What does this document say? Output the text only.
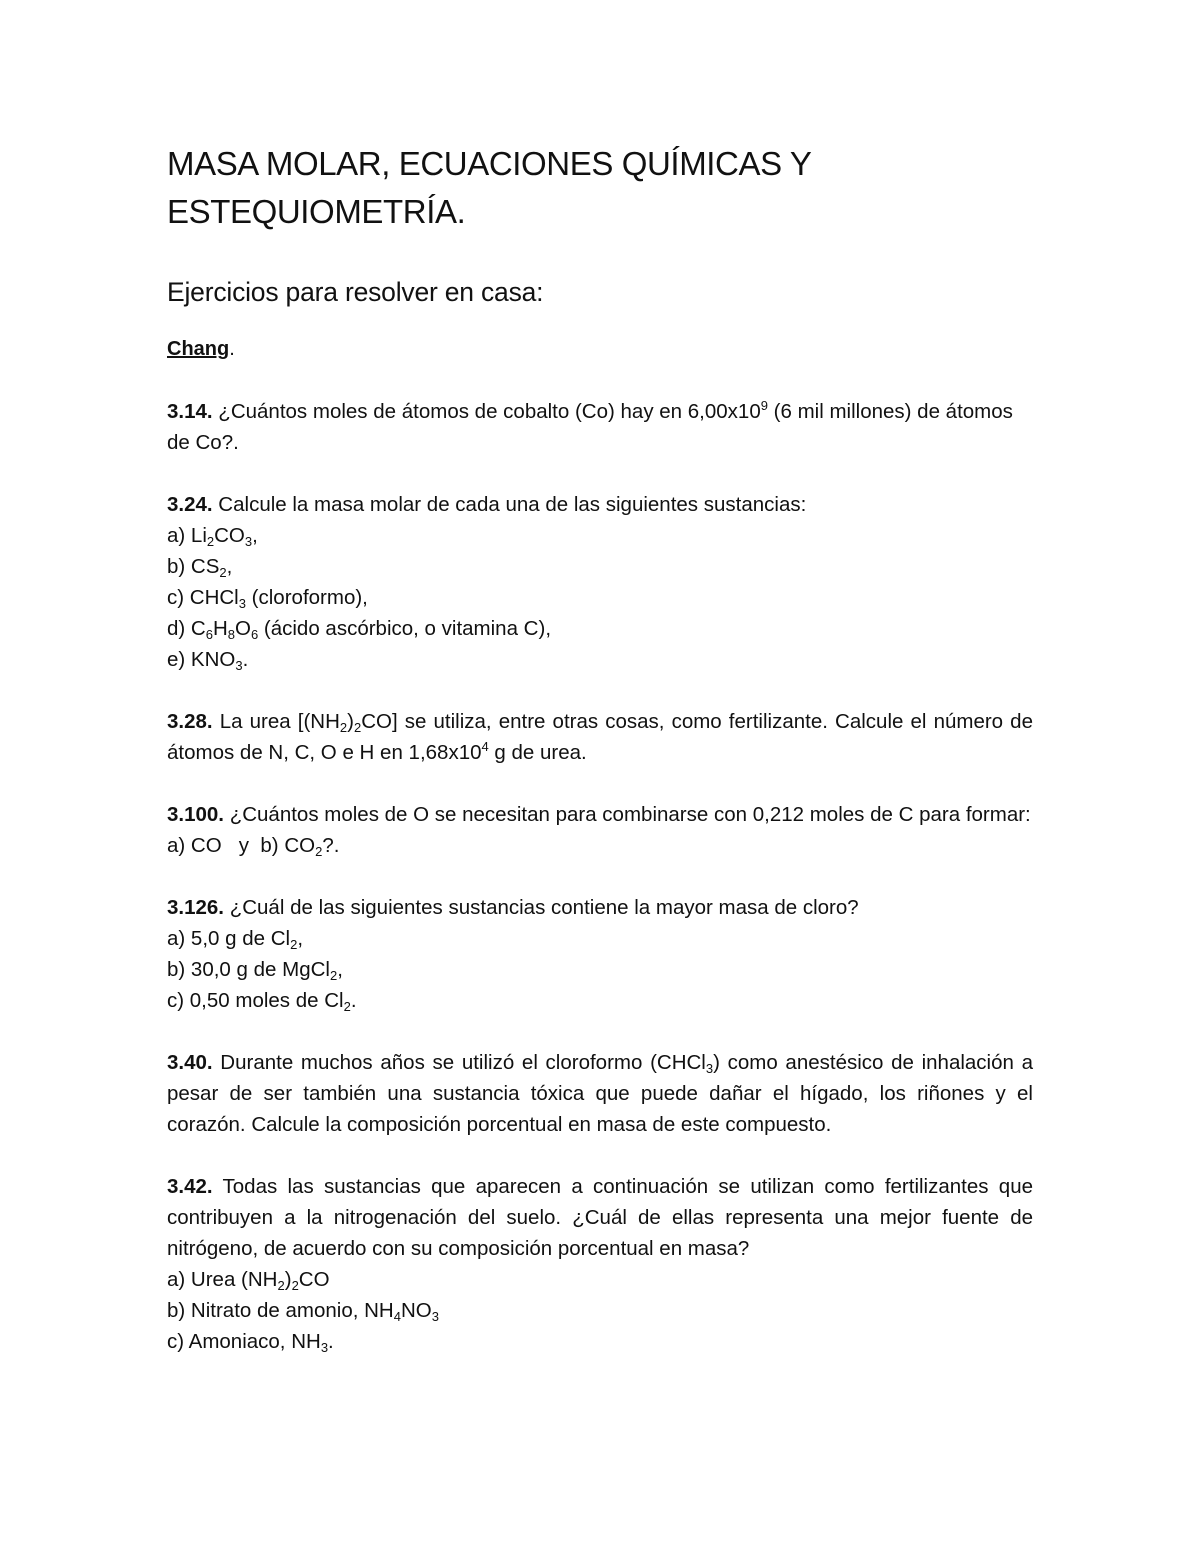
MASA MOLAR, ECUACIONES QUÍMICAS Y
ESTEQUIOMETRÍA.
Ejercicios para resolver en casa:
Chang.
3.14. ¿Cuántos moles de átomos de cobalto (Co) hay en $6,00x10^9$ (6 mil millones) de átomos de Co?.
3.24. Calcule la masa molar de cada una de las siguientes sustancias:
a) $Li_2CO_3$,
b) $CS_2$,
c) CHCl$_3$ (cloroformo),
d) $C_6H_8O_6$ (ácido ascórbico, o vitamina C),
e) $KNO_3$.
3.28. La urea $[(NH_2)_2CO]$ se utiliza, entre otras cosas, como fertilizante. Calcule el número de átomos de N, C, O e H en $1,68x10^4$ g de urea.
3.100. ¿Cuántos moles de O se necesitan para combinarse con 0,212 moles de C para formar:
a) CO   y  b) $CO_2$?.
3.126. ¿Cuál de las siguientes sustancias contiene la mayor masa de cloro?
a) 5,0 g de $Cl_2$,
b) 30,0 g de MgCl$_2$,
c) 0,50 moles de $Cl_2$.
3.40. Durante muchos años se utilizó el cloroformo (CHCl$_3$) como anestésico de inhalación a pesar de ser también una sustancia tóxica que puede dañar el hígado, los riñones y el corazón. Calcule la composición porcentual en masa de este compuesto.
3.42. Todas las sustancias que aparecen a continuación se utilizan como fertilizantes que contribuyen a la nitrogenación del suelo. ¿Cuál de ellas representa una mejor fuente de nitrógeno, de acuerdo con su composición porcentual en masa?
a) Urea $(NH_2)_2CO$
b) Nitrato de amonio, $NH_4NO_3$
c) Amoniaco, $NH_3$.
